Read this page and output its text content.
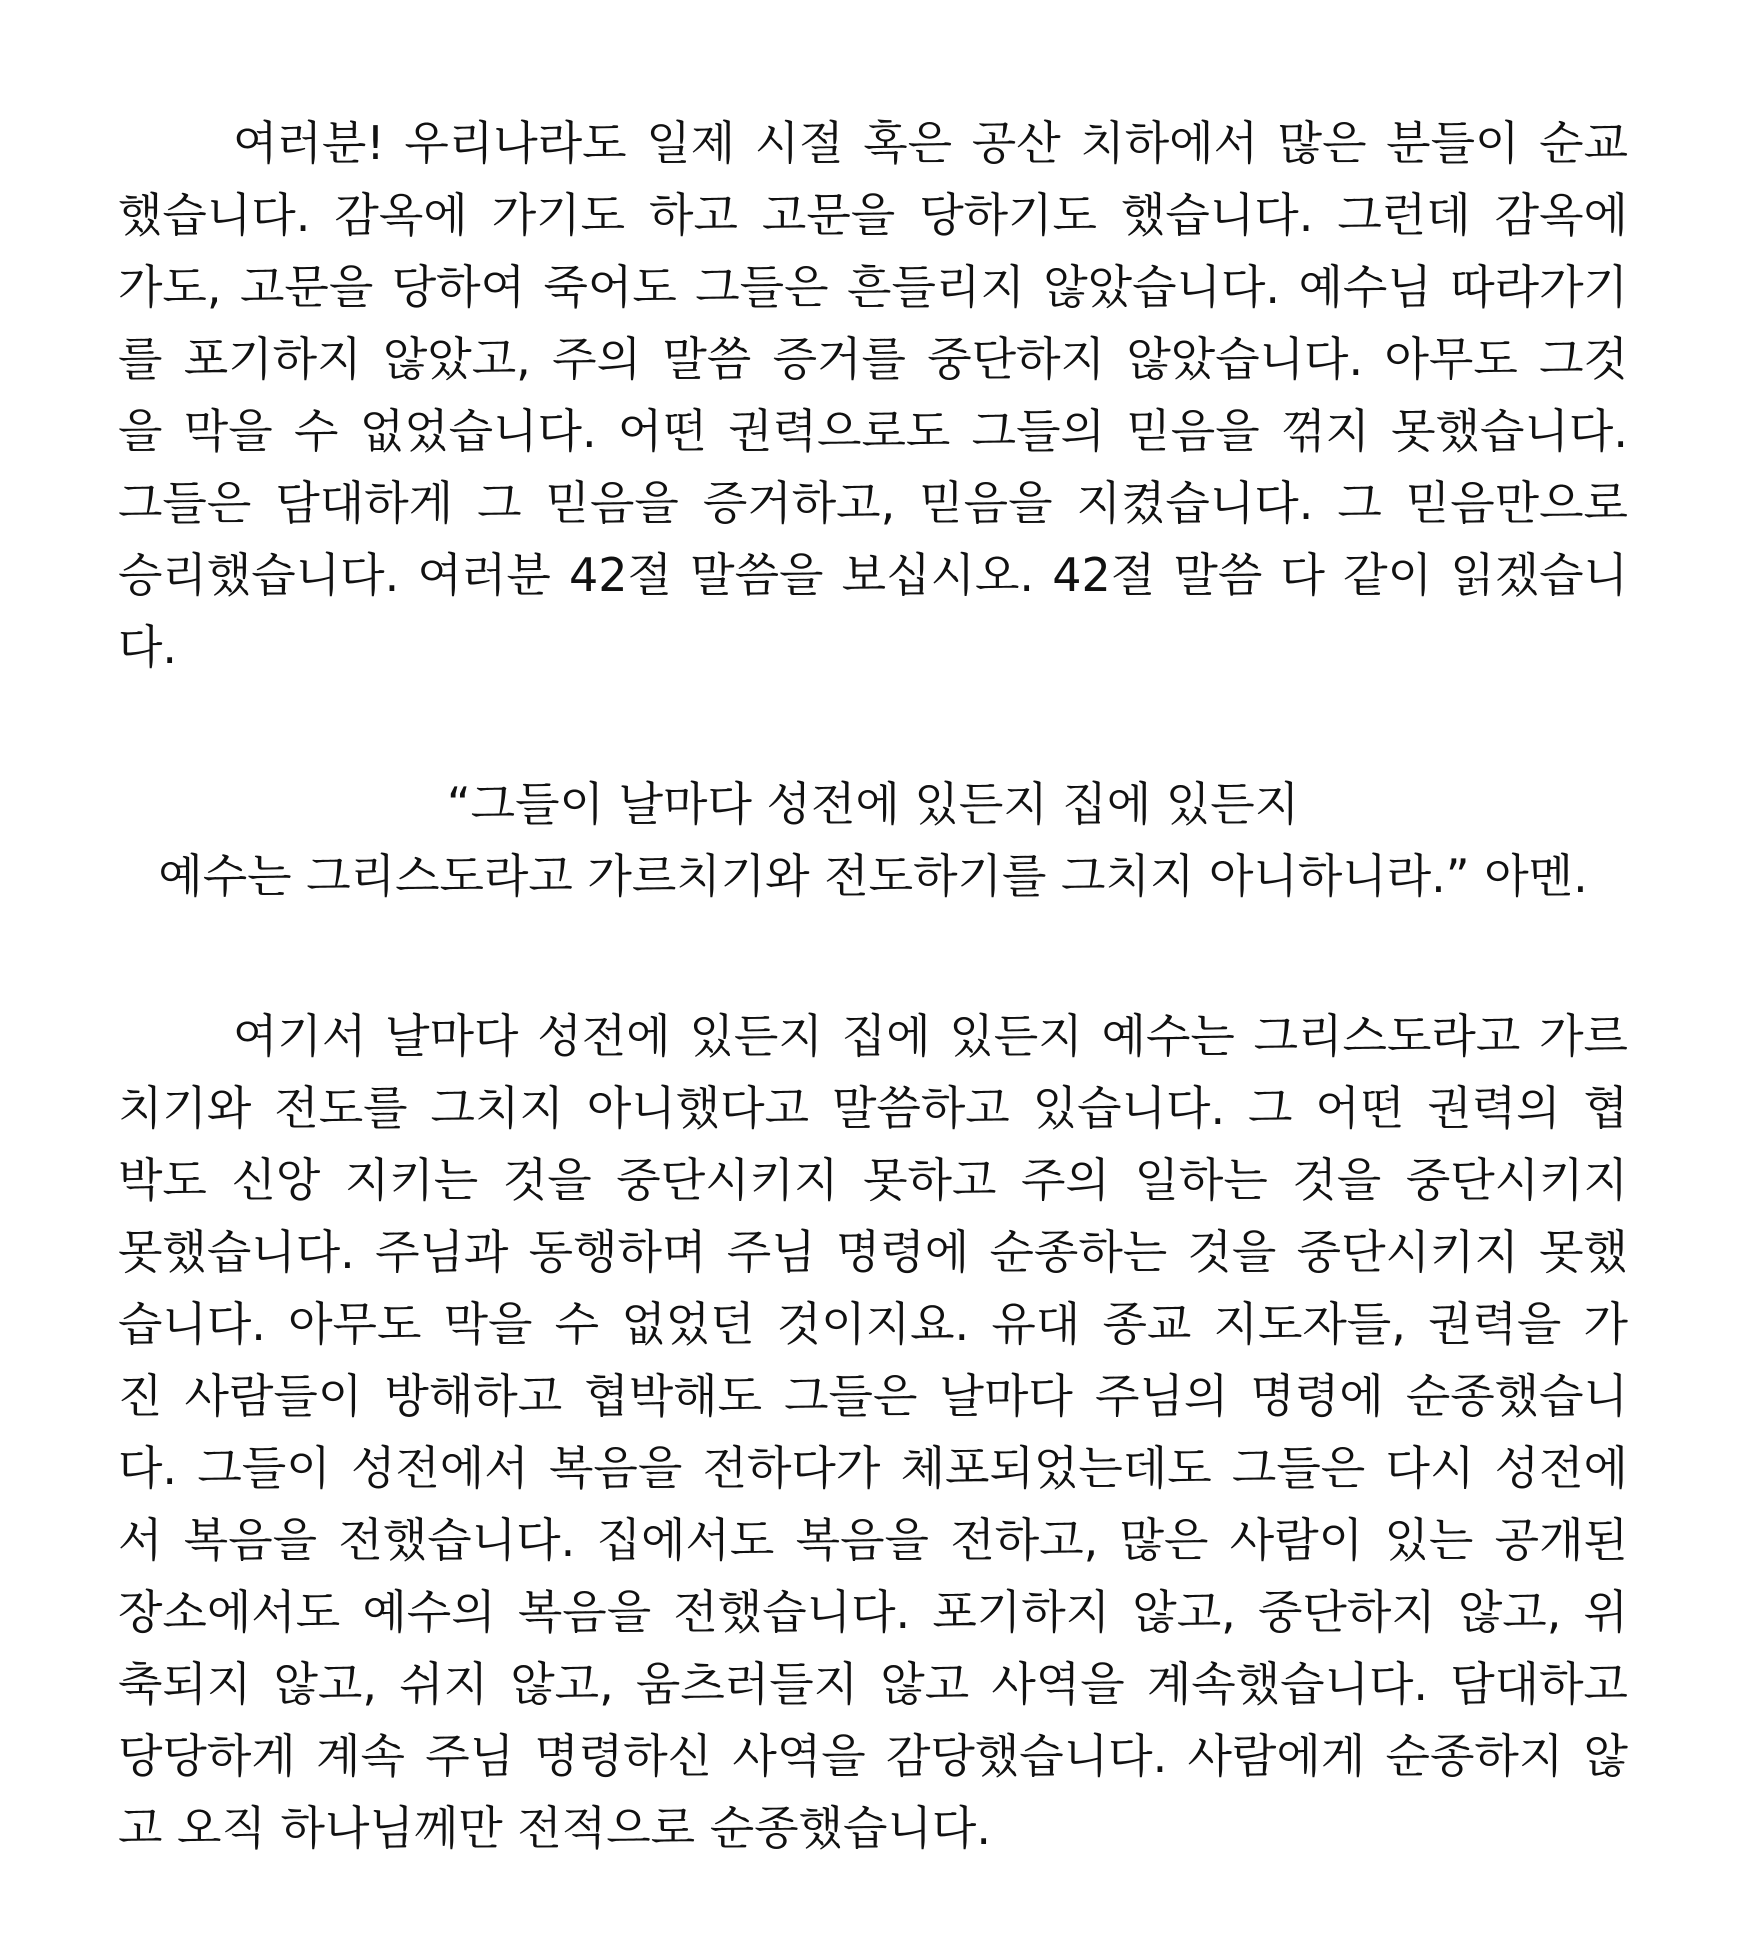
여러분! 우리나라도 일제 시절 혹은 공산 치하에서 많은 분들이 순교
했습니다. 감옥에 가기도 하고 고문을 당하기도 했습니다. 그런데 감옥에
가도, 고문을 당하여 죽어도 그들은 흔들리지 않았습니다. 예수님 따라가기
를 포기하지 않았고, 주의 말씀 증거를 중단하지 않았습니다. 아무도 그것
을 막을 수 없었습니다. 어떤 권력으로도 그들의 믿음을 꺾지 못했습니다.
그들은 담대하게 그 믿음을 증거하고, 믿음을 지켰습니다. 그 믿음만으로
승리했습니다. 여러분 42절 말씀을 보십시오. 42절 말씀 다 같이 읽겠습니
다.
“그들이 날마다 성전에 있든지 집에 있든지
예수는 그리스도라고 가르치기와 전도하기를 그치지 아니하니라.” 아멘.
여기서 날마다 성전에 있든지 집에 있든지 예수는 그리스도라고 가르
치기와 전도를 그치지 아니했다고 말씀하고 있습니다. 그 어떤 권력의 협
박도 신앙 지키는 것을 중단시키지 못하고 주의 일하는 것을 중단시키지
못했습니다. 주님과 동행하며 주님 명령에 순종하는 것을 중단시키지 못했
습니다. 아무도 막을 수 없었던 것이지요. 유대 종교 지도자들, 권력을 가
진 사람들이 방해하고 협박해도 그들은 날마다 주님의 명령에 순종했습니
다. 그들이 성전에서 복음을 전하다가 체포되었는데도 그들은 다시 성전에
서 복음을 전했습니다. 집에서도 복음을 전하고, 많은 사람이 있는 공개된
장소에서도 예수의 복음을 전했습니다. 포기하지 않고, 중단하지 않고, 위
축되지 않고, 쉬지 않고, 움츠러들지 않고 사역을 계속했습니다. 담대하고
당당하게 계속 주님 명령하신 사역을 감당했습니다. 사람에게 순종하지 않
고 오직 하나님께만 전적으로 순종했습니다.
